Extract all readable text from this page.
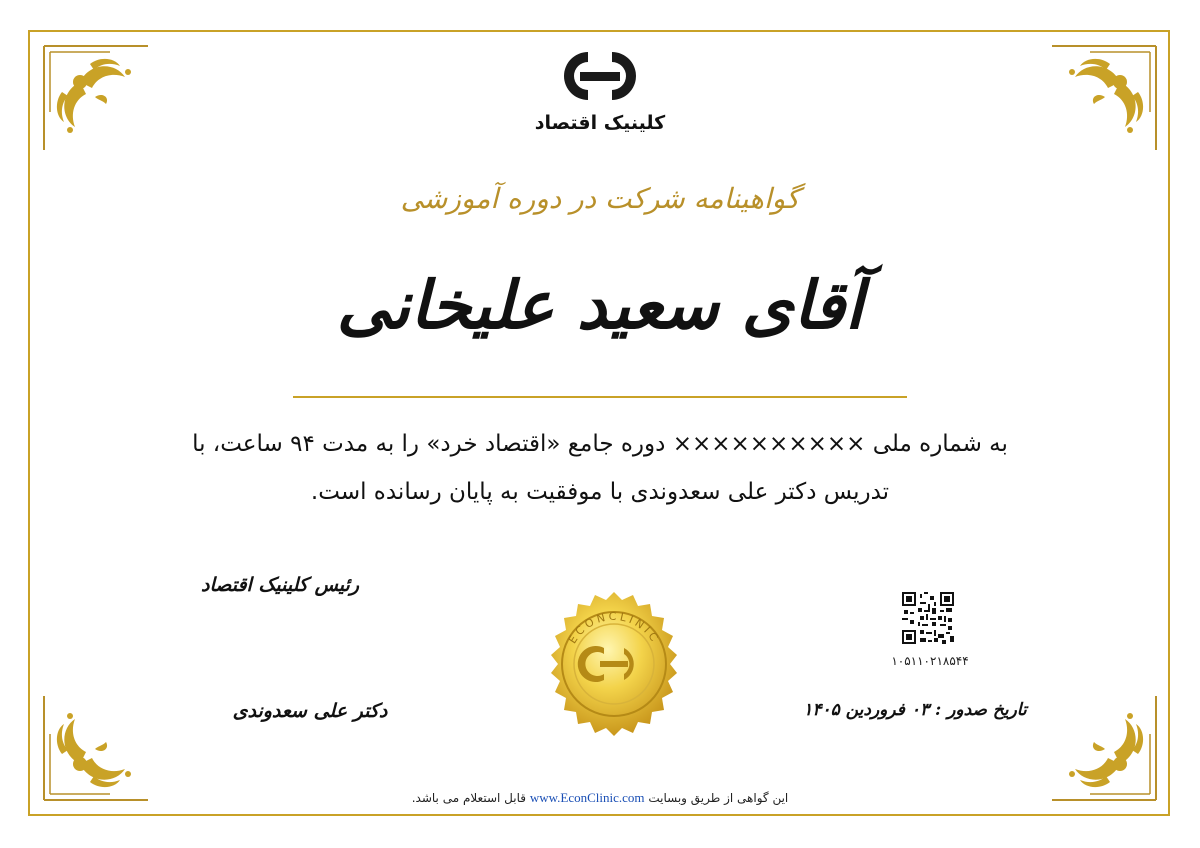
کلینیک اقتصاد
گواهینامه شرکت در دوره آموزشی
آقای سعید علیخانی
به شماره ملی ×××××××××× دوره جامع «اقتصاد خرد» را به مدت ۹۴ ساعت، با
تدریس دکتر علی سعدوندی با موفقیت به پایان رسانده است.
رئیس کلینیک اقتصاد
دکتر علی سعدوندی
ECONCLINIC
۱۰۵۱۱۰۲۱۸۵۴۴
تاریخ صدور : ۰۳ فروردین ۱۴۰۵
این گواهی از طریق وبسایت www.EconClinic.com قابل استعلام می باشد.
